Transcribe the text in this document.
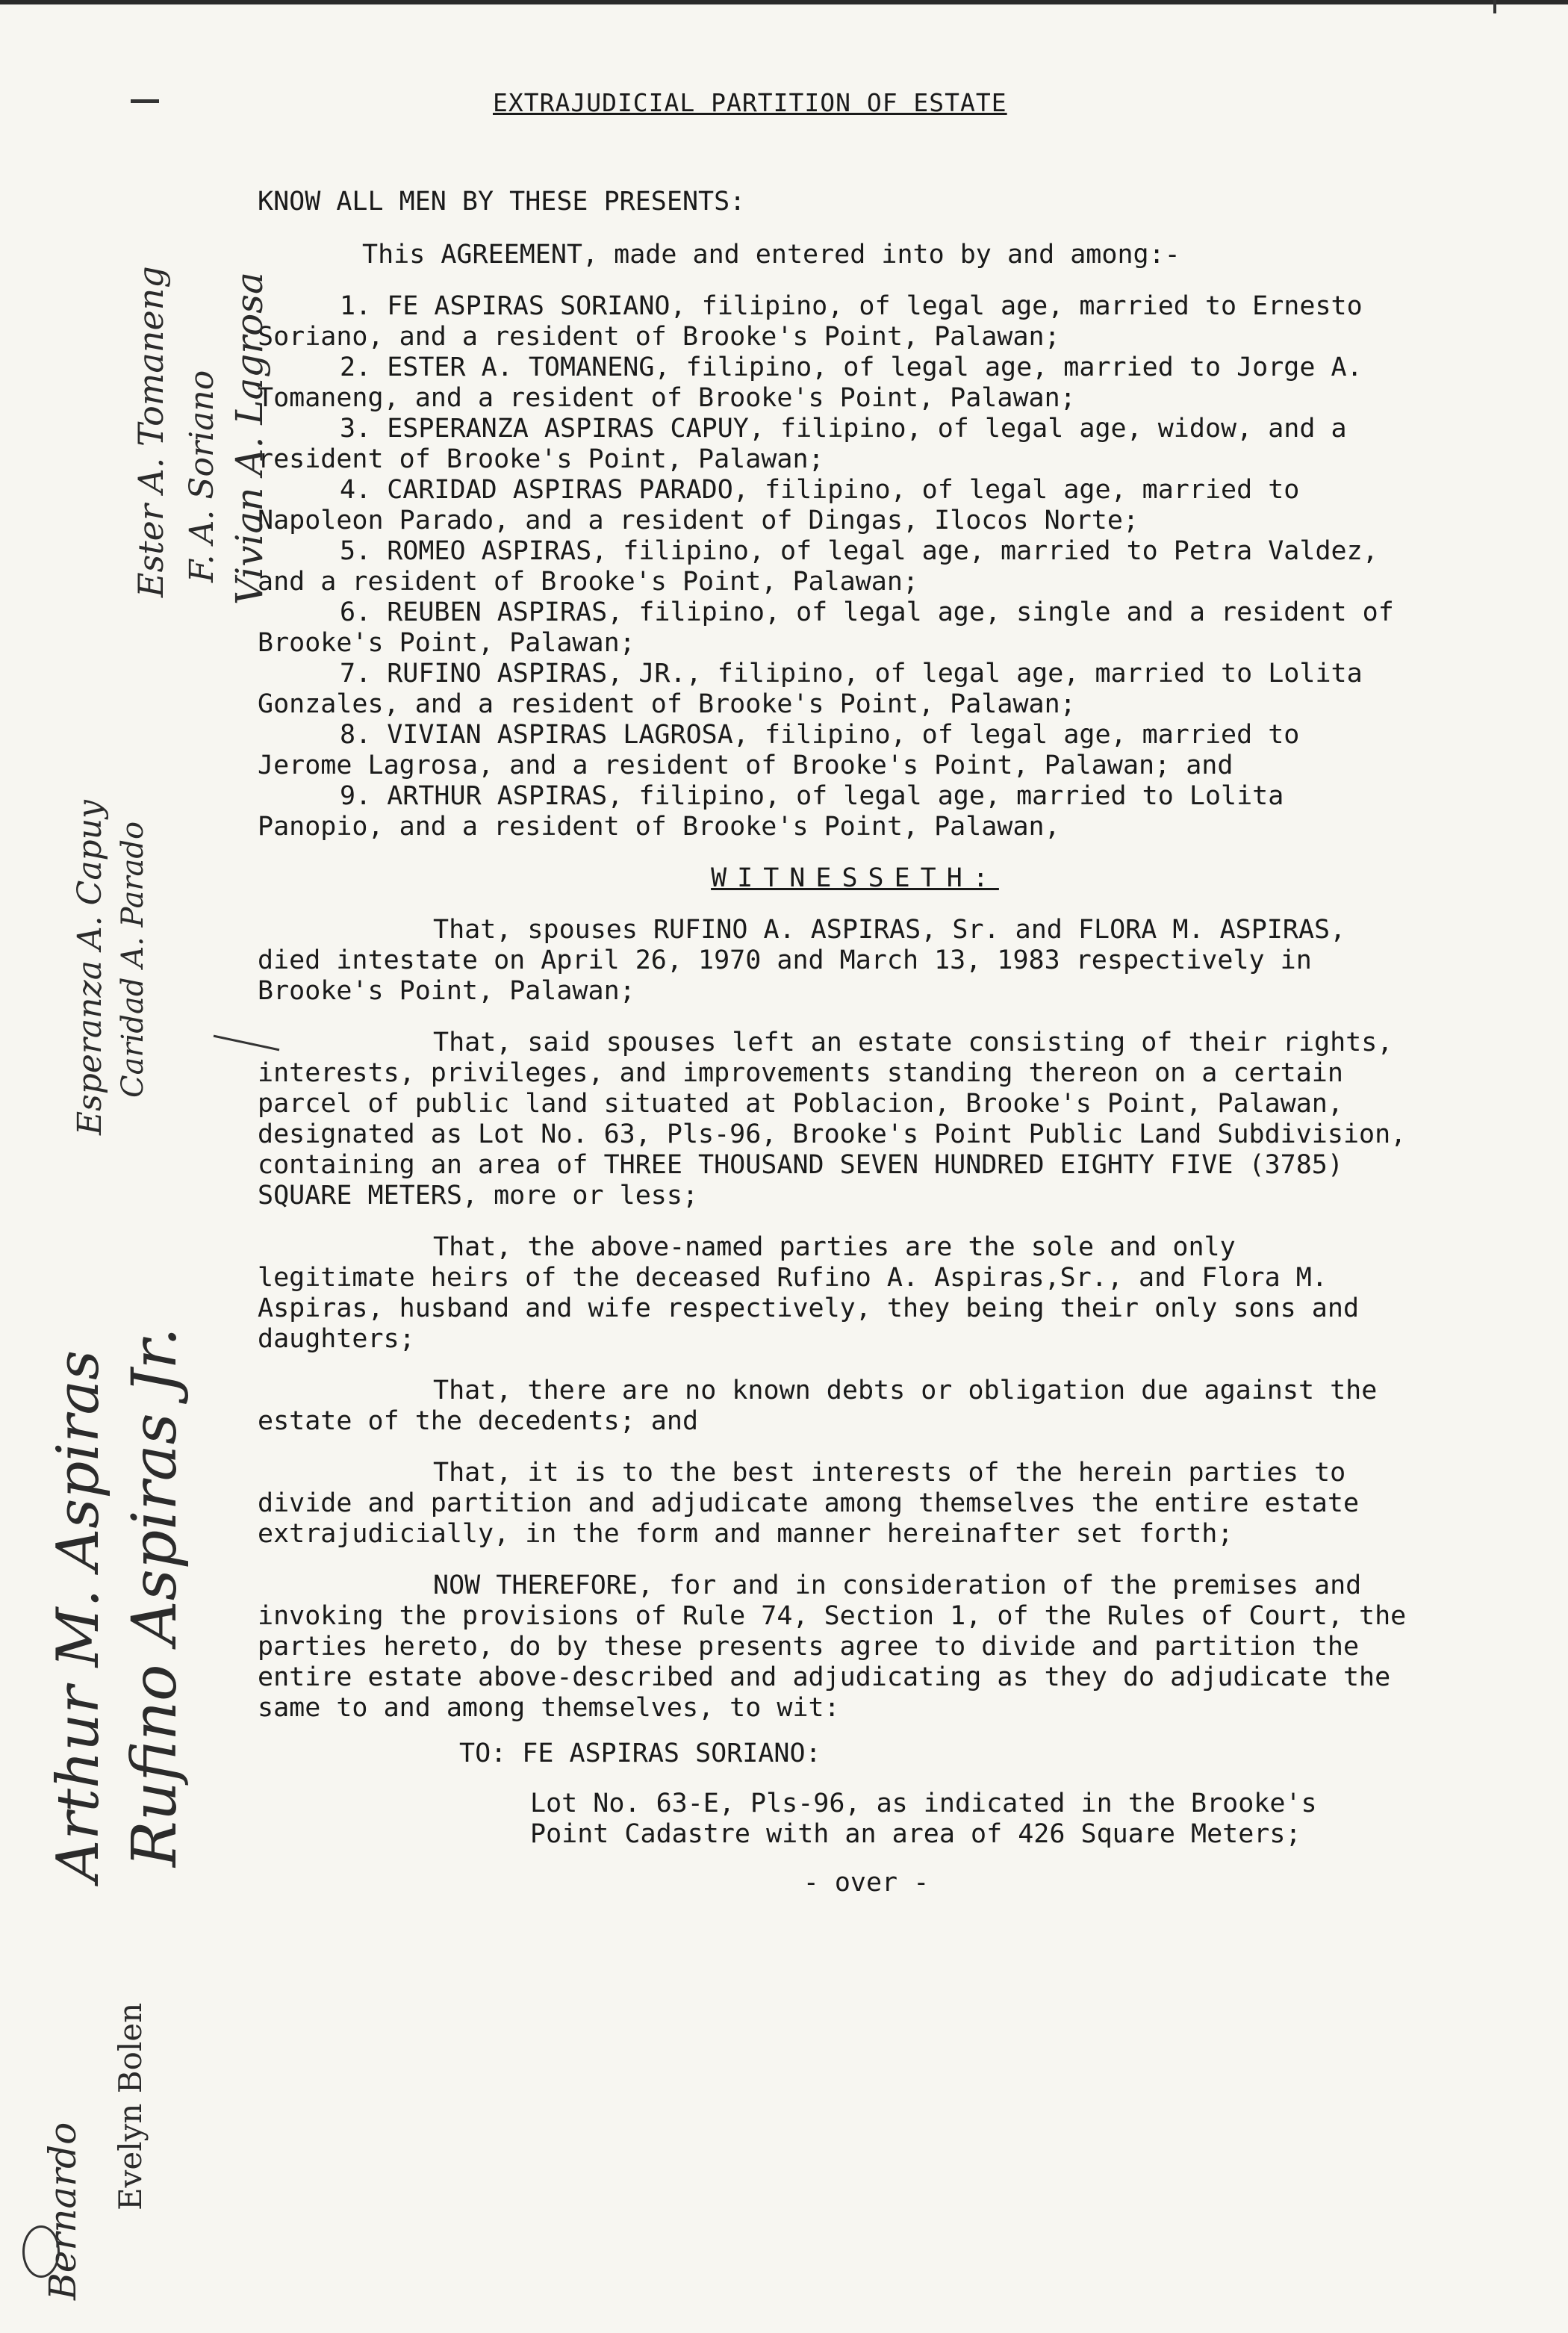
EXTRAJUDICIAL PARTITION OF ESTATE

KNOW ALL MEN BY THESE PRESENTS:

This AGREEMENT, made and entered into by and among:-

1. FE ASPIRAS SORIANO, filipino, of legal age, married to Ernesto Soriano, and a resident of Brooke's Point, Palawan;

2. ESTER A. TOMANENG, filipino, of legal age, married to Jorge A. Tomaneng, and a resident of Brooke's Point, Palawan;

3. ESPERANZA ASPIRAS CAPUY, filipino, of legal age, widow, and a resident of Brooke's Point, Palawan;

4. CARIDAD ASPIRAS PARADO, filipino, of legal age, married to Napoleon Parado, and a resident of Dingas, Ilocos Norte;

5. ROMEO ASPIRAS, filipino, of legal age, married to Petra Valdez, and a resident of Brooke's Point, Palawan;

6. REUBEN ASPIRAS, filipino, of legal age, single and a resident of Brooke's Point, Palawan;

7. RUFINO ASPIRAS, JR., filipino, of legal age, married to Lolita Gonzales, and a resident of Brooke's Point, Palawan;

8. VIVIAN ASPIRAS LAGROSA, filipino, of legal age, married to Jerome Lagrosa, and a resident of Brooke's Point, Palawan; and

9. ARTHUR ASPIRAS, filipino, of legal age, married to Lolita Panopio, and a resident of Brooke's Point, Palawan,

WITNESSETH:

That, spouses RUFINO A. ASPIRAS, Sr. and FLORA M. ASPIRAS, died intestate on April 26, 1970 and March 13, 1983 respectively in Brooke's Point, Palawan;

That, said spouses left an estate consisting of their rights, interests, privileges, and improvements standing thereon on a certain parcel of public land situated at Poblacion, Brooke's Point, Palawan, designated as Lot No. 63, Pls-96, Brooke's Point Public Land Subdivision, containing an area of THREE THOUSAND SEVEN HUNDRED EIGHTY FIVE (3785) SQUARE METERS, more or less;

That, the above-named parties are the sole and only legitimate heirs of the deceased Rufino A. Aspiras,Sr., and Flora M. Aspiras, husband and wife respectively, they being their only sons and daughters;

That, there are no known debts or obligation due against the estate of the decedents; and

That, it is to the best interests of the herein parties to divide and partition and adjudicate among themselves the entire estate extrajudicially, in the form and manner hereinafter set forth;

NOW THEREFORE, for and in consideration of the premises and invoking the provisions of Rule 74, Section 1, of the Rules of Court, the parties hereto, do by these presents agree to divide and partition the entire estate above-described and adjudicating as they do adjudicate the same to and among themselves, to wit:

TO: FE ASPIRAS SORIANO:

Lot No. 63-E, Pls-96, as indicated in the Brooke's Point Cadastre with an area of 426 Square Meters;

- over -

Ester A. Tomaneng F. A. Soriano Vivian A. Lagrosa
Esperanza A. Capuy Caridad A. Parado
Arthur M. Aspiras Rufino Aspiras Jr.
Bernardo
Evelyn Bolen
